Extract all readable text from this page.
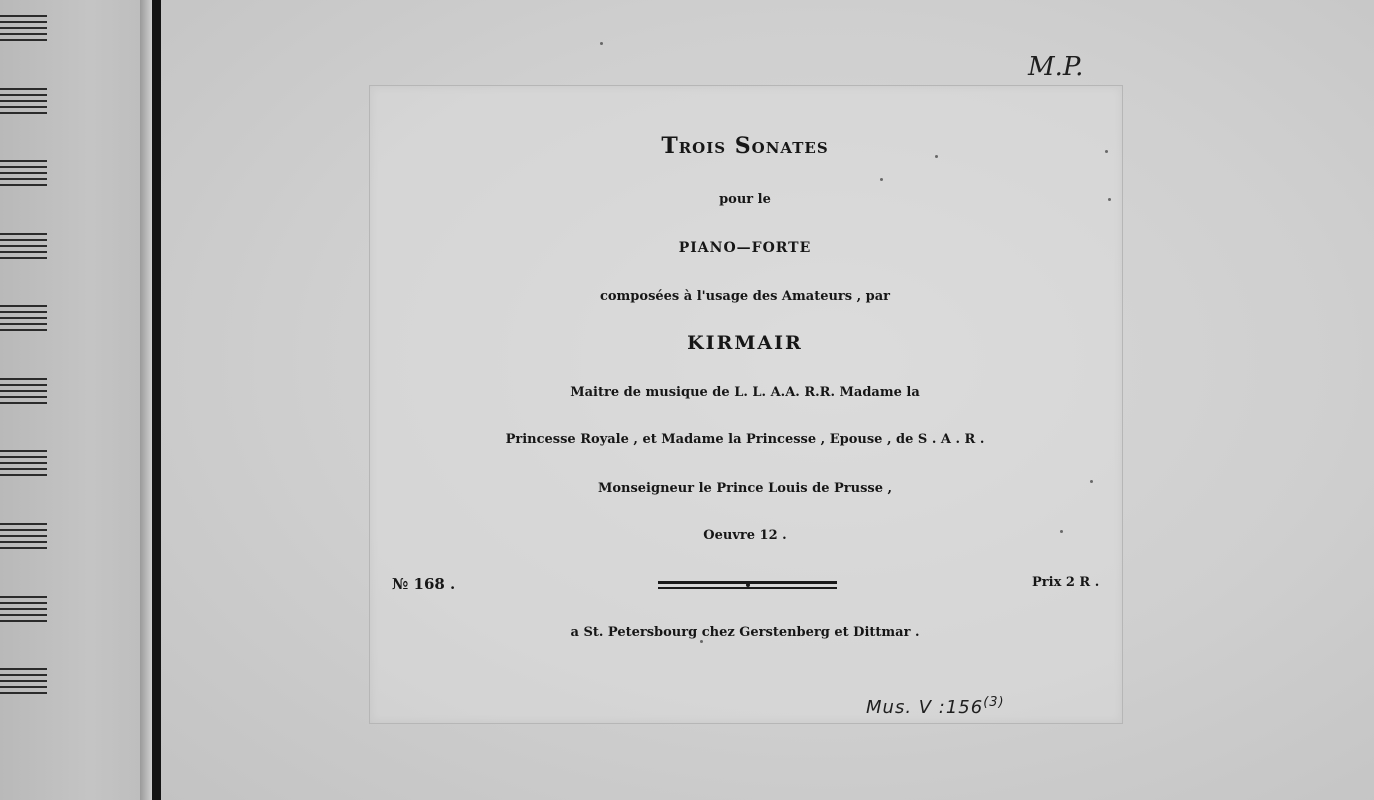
Trois Sonates
pour le
PIANO—FORTE
composées à l'usage des Amateurs , par
KIRMAIR
Maitre de musique de L. L. A.A. R.R. Madame la
Princesse Royale , et Madame la Princesse , Epouse , de S . A . R .
Monseigneur le Prince Louis de Prusse ,
Oeuvre 12 .
№ 168 .	Prix 2 R .
a St. Petersbourg chez Gerstenberg et Dittmar .
M.P.
Mus. V :156$^{(3)}$
